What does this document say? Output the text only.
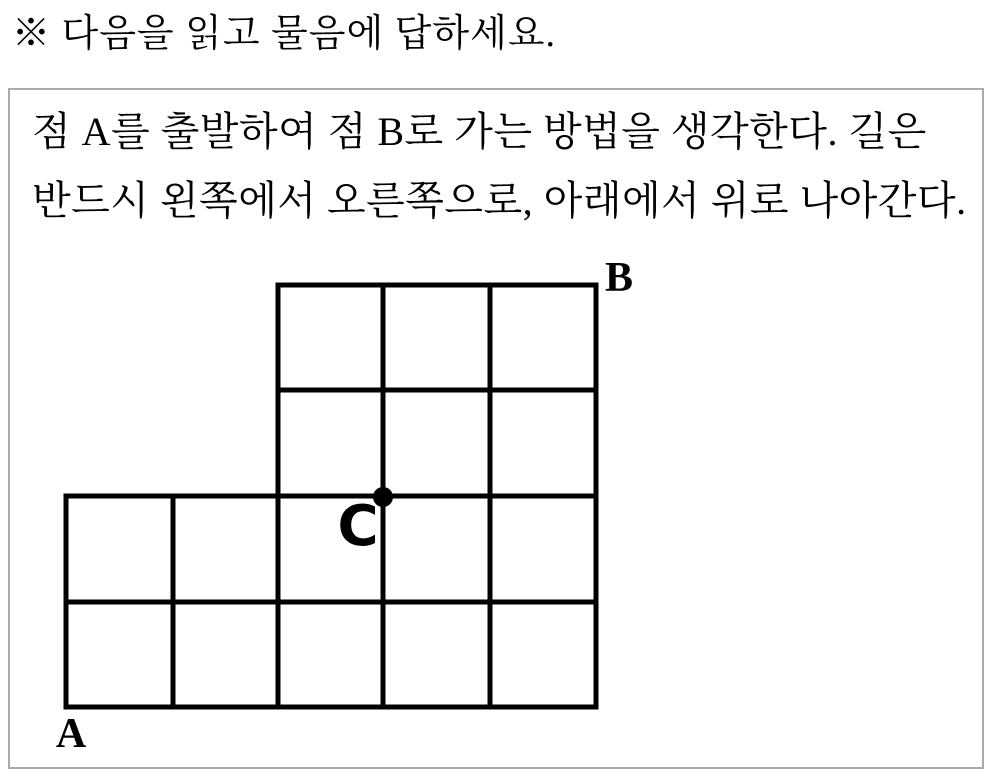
※ 다음을 읽고 물음에 답하세요.
점 A를 출발하여 점 B로 가는 방법을 생각한다. 길은
반드시 왼쪽에서 오른쪽으로, 아래에서 위로 나아간다.
A
B
C
